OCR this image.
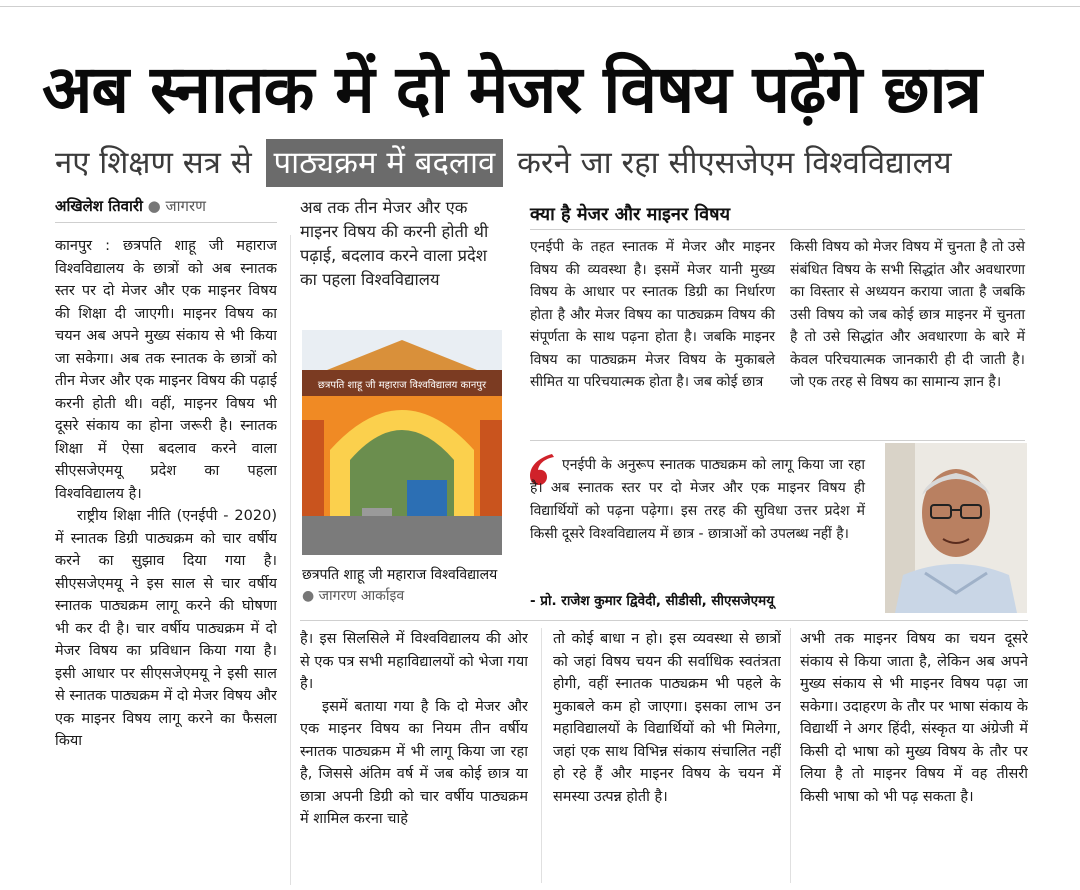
अब स्नातक में दो मेजर विषय पढ़ेंगे छात्र
नए शिक्षण सत्र से पाठ्यक्रम में बदलाव करने जा रहा सीएसजेएम विश्वविद्यालय
अखिलेश तिवारी ● जागरण

कानपुर : छत्रपति शाहू जी महाराज विश्वविद्यालय के छात्रों को अब स्नातक स्तर पर दो मेजर और एक माइनर विषय की शिक्षा दी जाएगी। माइनर विषय का चयन अब अपने मुख्य संकाय से भी किया जा सकेगा। अब तक स्नातक के छात्रों को तीन मेजर और एक माइनर विषय की पढ़ाई करनी होती थी। वहीं, माइनर विषय भी दूसरे संकाय का होना जरूरी है। स्नातक शिक्षा में ऐसा बदलाव करने वाला सीएसजेएमयू प्रदेश का पहला विश्वविद्यालय है।

राष्ट्रीय शिक्षा नीति (एनईपी - 2020) में स्नातक डिग्री पाठ्यक्रम को चार वर्षीय करने का सुझाव दिया गया है। सीएसजेएमयू ने इस साल से चार वर्षीय स्नातक पाठ्यक्रम लागू करने की घोषणा भी कर दी है। चार वर्षीय पाठ्यक्रम में दो मेजर विषय का प्रविधान किया गया है। इसी आधार पर सीएसजेएमयू ने इसी साल से स्नातक पाठ्यक्रम में दो मेजर विषय और एक माइनर विषय लागू करने का फैसला किया

अब तक तीन मेजर और एक माइनर विषय की करनी होती थी पढ़ाई, बदलाव करने वाला प्रदेश का पहला विश्वविद्यालय
छत्रपति शाहू जी महाराज विश्वविद्यालय कानपुर
छत्रपति शाहू जी महाराज विश्वविद्यालय ● जागरण आर्काइव
क्या है मेजर और माइनर विषय
एनईपी के तहत स्नातक में मेजर और माइनर विषय की व्यवस्था है। इसमें मेजर यानी मुख्य विषय के आधार पर स्नातक डिग्री का निर्धारण होता है और मेजर विषय का पाठ्यक्रम विषय की संपूर्णता के साथ पढ़ना होता है। जबकि माइनर विषय का पाठ्यक्रम मेजर विषय के मुकाबले सीमित या परिचयात्मक होता है। जब कोई छात्र
किसी विषय को मेजर विषय में चुनता है तो उसे संबंधित विषय के सभी सिद्धांत और अवधारणा का विस्तार से अध्ययन कराया जाता है जबकि उसी विषय को जब कोई छात्र माइनर में चुनता है तो उसे सिद्धांत और अवधारणा के बारे में केवल परिचयात्मक जानकारी ही दी जाती है। जो एक तरह से विषय का सामान्य ज्ञान है।
एनईपी के अनुरूप स्नातक पाठ्यक्रम को लागू किया जा रहा है। अब स्नातक स्तर पर दो मेजर और एक माइनर विषय ही विद्यार्थियों को पढ़ना पढ़ेगा। इस तरह की सुविधा उत्तर प्रदेश में किसी दूसरे विश्वविद्यालय में छात्र - छात्राओं को उपलब्ध नहीं है।
- प्रो. राजेश कुमार द्विवेदी, सीडीसी, सीएसजेएमयू

है। इस सिलसिले में विश्वविद्यालय की ओर से एक पत्र सभी महाविद्यालयों को भेजा गया है।

इसमें बताया गया है कि दो मेजर और एक माइनर विषय का नियम तीन वर्षीय स्नातक पाठ्यक्रम में भी लागू किया जा रहा है, जिससे अंतिम वर्ष में जब कोई छात्र या छात्रा अपनी डिग्री को चार वर्षीय पाठ्यक्रम में शामिल करना चाहे

तो कोई बाधा न हो। इस व्यवस्था से छात्रों को जहां विषय चयन की सर्वाधिक स्वतंत्रता होगी, वहीं स्नातक पाठ्यक्रम भी पहले के मुकाबले कम हो जाएगा। इसका लाभ उन महाविद्यालयों के विद्यार्थियों को भी मिलेगा, जहां एक साथ विभिन्न संकाय संचालित नहीं हो रहे हैं और माइनर विषय के चयन में समस्या उत्पन्न होती है।
अभी तक माइनर विषय का चयन दूसरे संकाय से किया जाता है, लेकिन अब अपने मुख्य संकाय से भी माइनर विषय पढ़ा जा सकेगा। उदाहरण के तौर पर भाषा संकाय के विद्यार्थी ने अगर हिंदी, संस्कृत या अंग्रेजी में किसी दो भाषा को मुख्य विषय के तौर पर लिया है तो माइनर विषय में वह तीसरी किसी भाषा को भी पढ़ सकता है।
